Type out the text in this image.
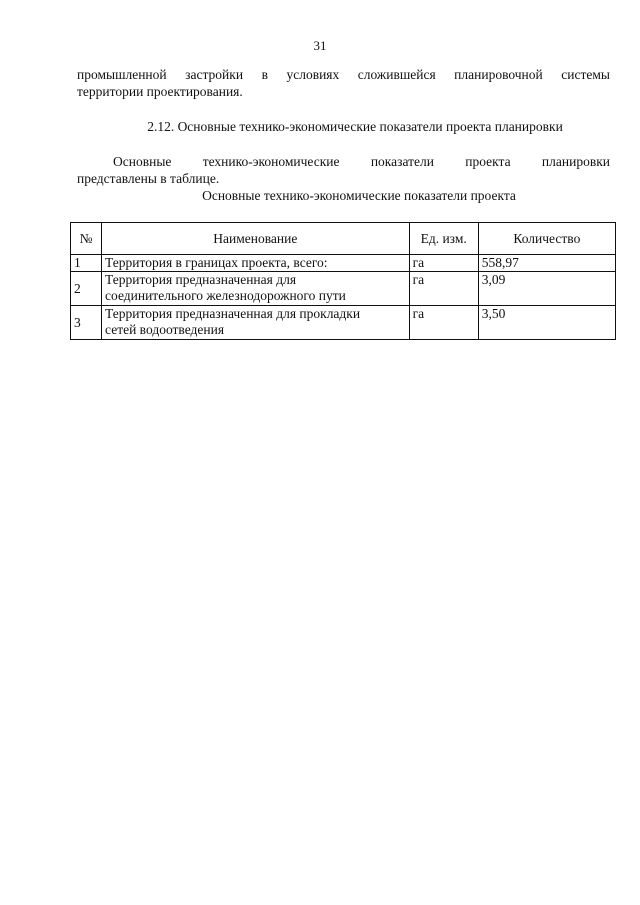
31
промышленной застройки в условиях сложившейся планировочной системы
территории проектирования.
2.12. Основные технико-экономические показатели проекта планировки
Основные технико-экономические показатели проекта планировки
представлены в таблице.
Основные технико-экономические показатели проекта
№	Наименование	Ед. изм.	Количество
1	Территория в границах проекта, всего:	га	558,97
2	Территория предназначенная для
соединительного железнодорожного пути	га	3,09
3	Территория предназначенная для прокладки
сетей водоотведения	га	3,50
